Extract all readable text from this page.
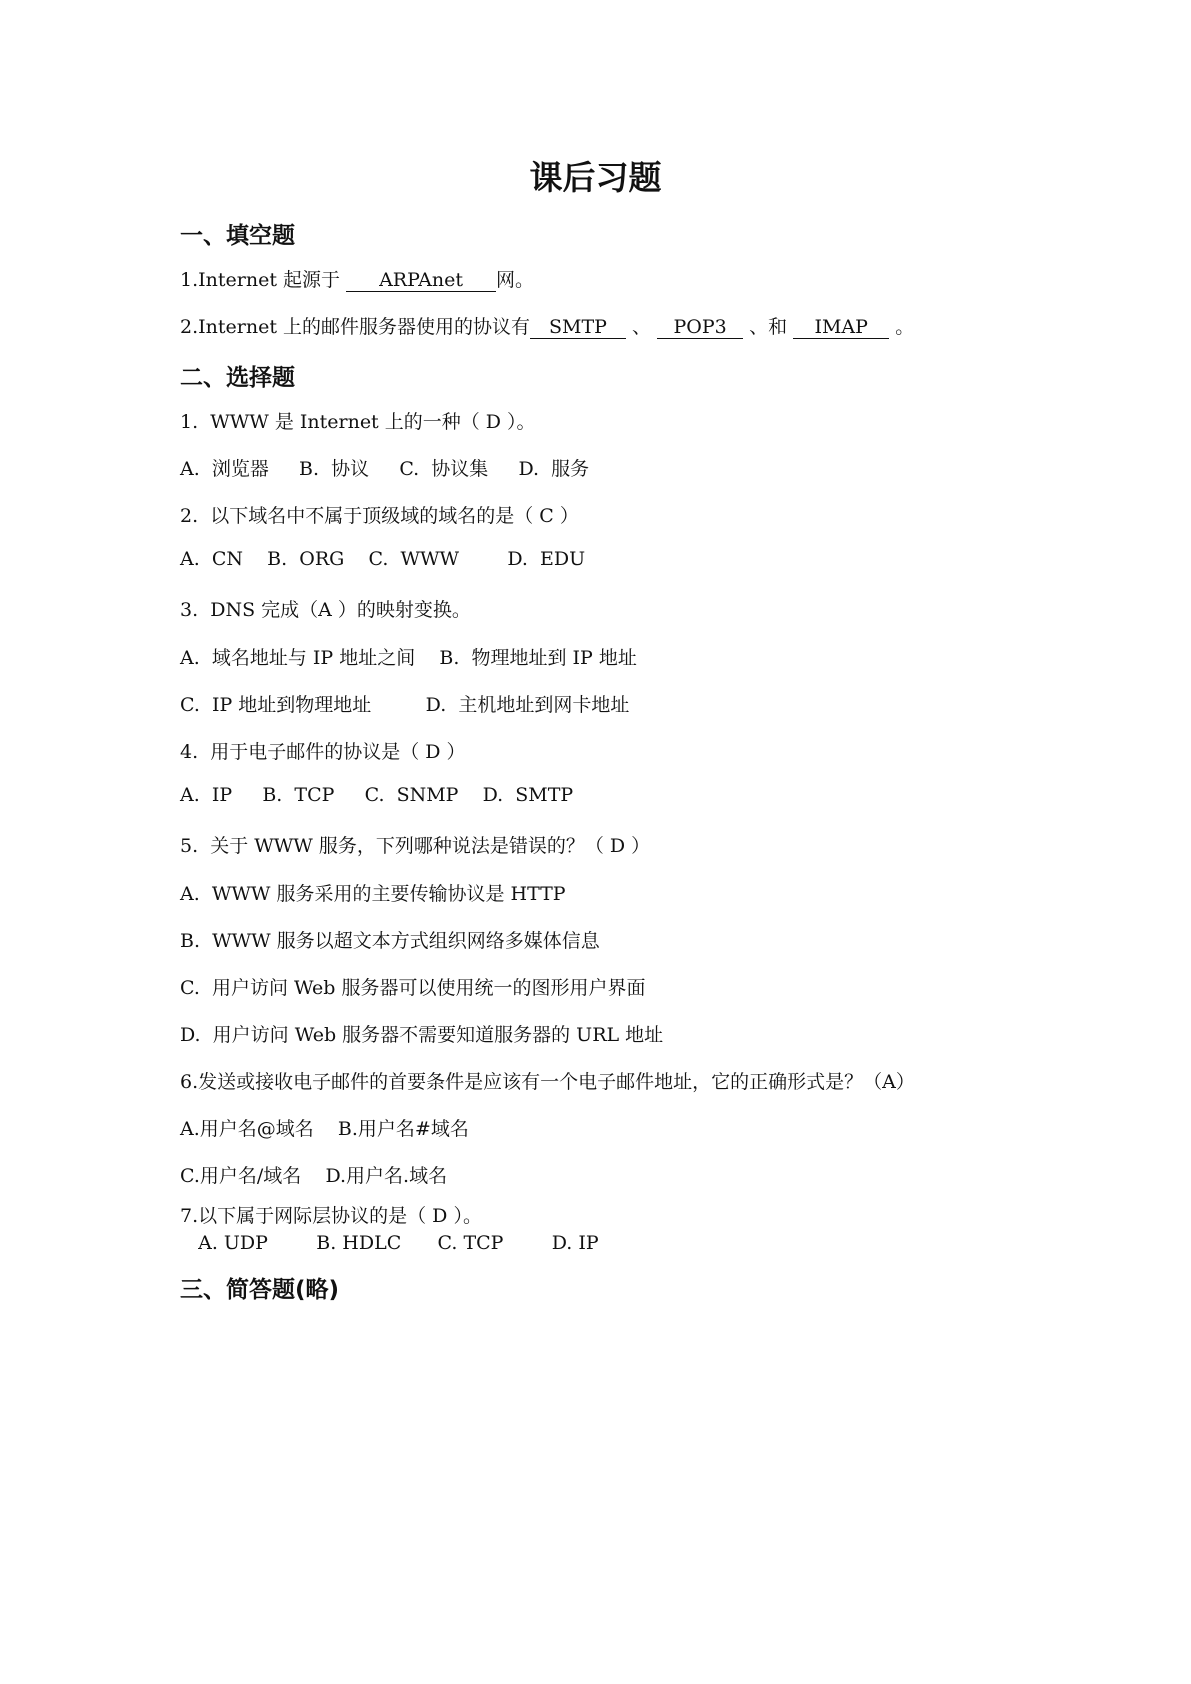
课后习题
一、填空题
1.Internet 起源于 ARPAnet 网。
2.Internet 上的邮件服务器使用的协议有 SMTP 、 POP3 、和 IMAP 。
二、选择题
1.  WWW 是 Internet 上的一种（ D ）。
A.  浏览器     B.  协议     C.  协议集     D.  服务
2.  以下域名中不属于顶级域的域名的是（ C ）
A.  CN    B.  ORG    C.  WWW        D.  EDU
3.  DNS 完成（A ）的映射变换。
A.  域名地址与 IP 地址之间    B.  物理地址到 IP 地址
C.  IP 地址到物理地址         D.  主机地址到网卡地址
4.  用于电子邮件的协议是（ D ）
A.  IP     B.  TCP     C.  SNMP    D.  SMTP
5.  关于 WWW 服务，下列哪种说法是错误的？（ D ）
A.  WWW 服务采用的主要传输协议是 HTTP
B.  WWW 服务以超文本方式组织网络多媒体信息
C.  用户访问 Web 服务器可以使用统一的图形用户界面
D.  用户访问 Web 服务器不需要知道服务器的 URL 地址
6.发送或接收电子邮件的首要条件是应该有一个电子邮件地址，它的正确形式是？（A）
A.用户名@域名    B.用户名#域名
C.用户名/域名    D.用户名.域名
7.以下属于网际层协议的是（ D ）。
A. UDP        B. HDLC      C. TCP        D. IP
三、简答题(略)
